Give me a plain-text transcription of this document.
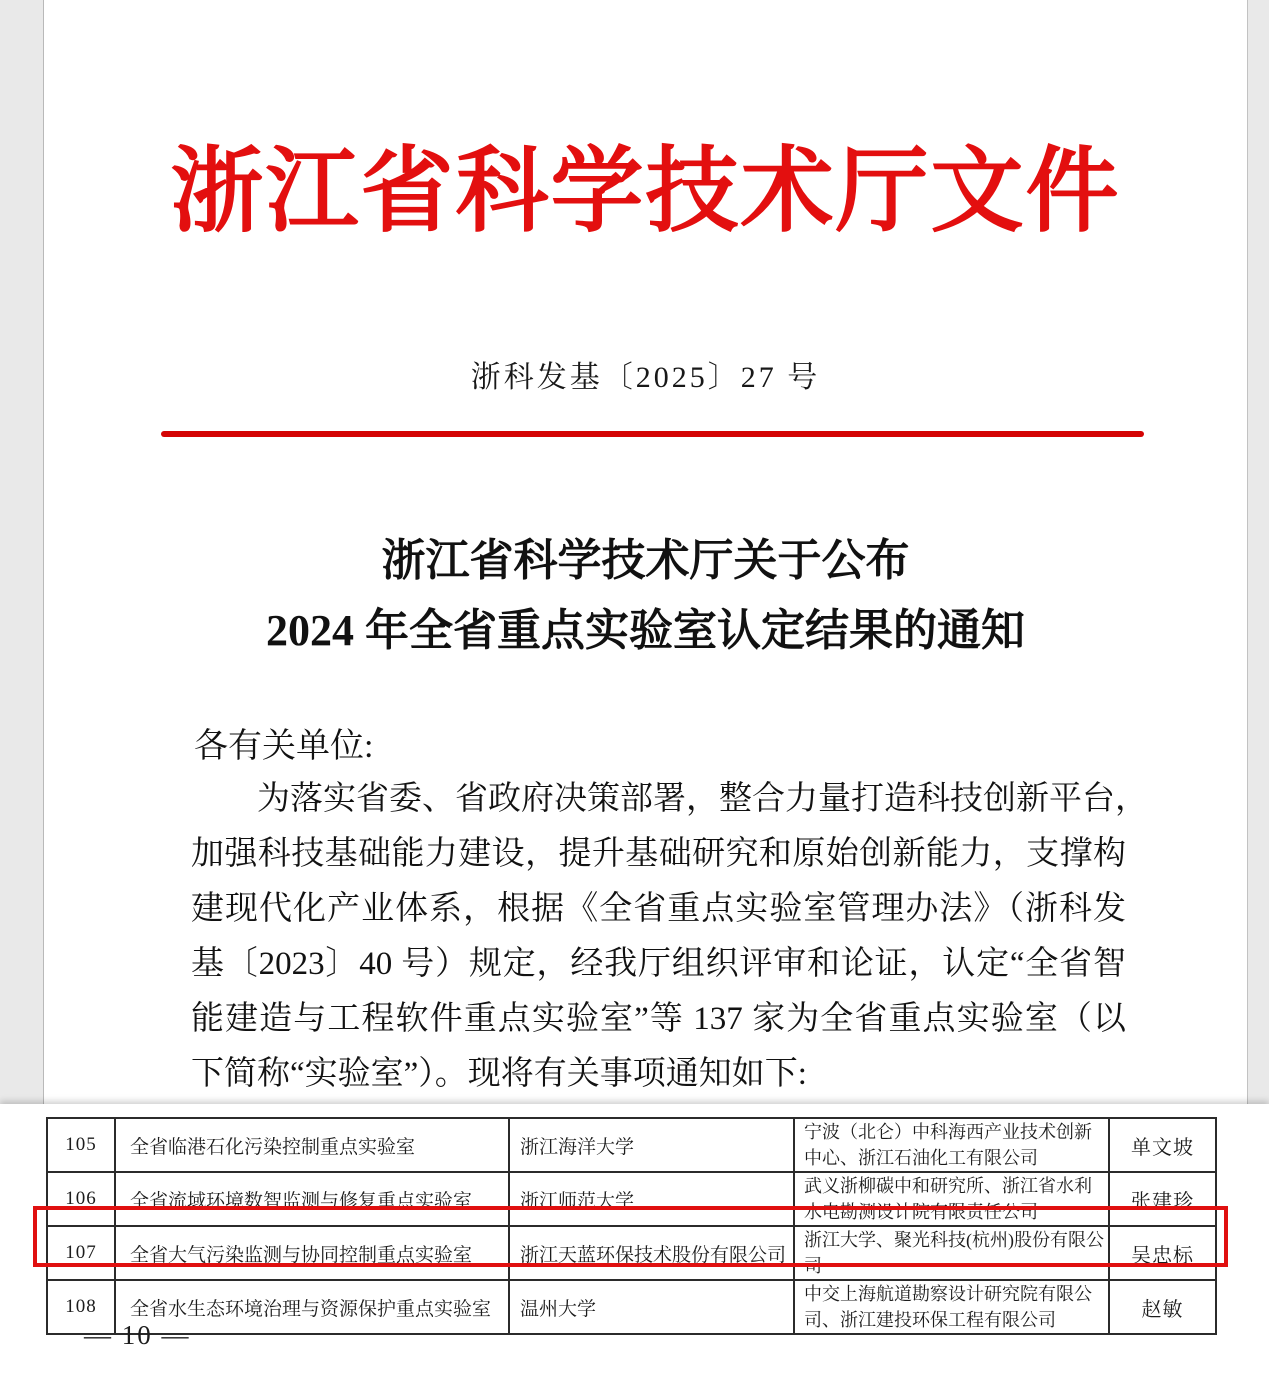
浙江省科学技术厅文件
浙科发基〔2025〕27 号
浙江省科学技术厅关于公布
2024 年全省重点实验室认定结果的通知
各有关单位:
为落实省委、省政府决策部署，整合力量打造科技创新平台，
加强科技基础能力建设，提升基础研究和原始创新能力，支撑构
建现代化产业体系，根据《全省重点实验室管理办法》（浙科发
基〔2023〕40 号）规定，经我厅组织评审和论证，认定“全省智
能建造与工程软件重点实验室”等 137 家为全省重点实验室（以
下简称“实验室”）。现将有关事项通知如下:
105	全省临港石化污染控制重点实验室	浙江海洋大学	宁波（北仑）中科海西产业技术创新中心、浙江石油化工有限公司	单文坡
106	全省流域环境数智监测与修复重点实验室	浙江师范大学	武义浙柳碳中和研究所、浙江省水利水电勘测设计院有限责任公司	张建珍
107	全省大气污染监测与协同控制重点实验室	浙江天蓝环保技术股份有限公司	浙江大学、聚光科技(杭州)股份有限公司	吴忠标
108	全省水生态环境治理与资源保护重点实验室	温州大学	中交上海航道勘察设计研究院有限公司、浙江建投环保工程有限公司	赵敏
— 10 —
